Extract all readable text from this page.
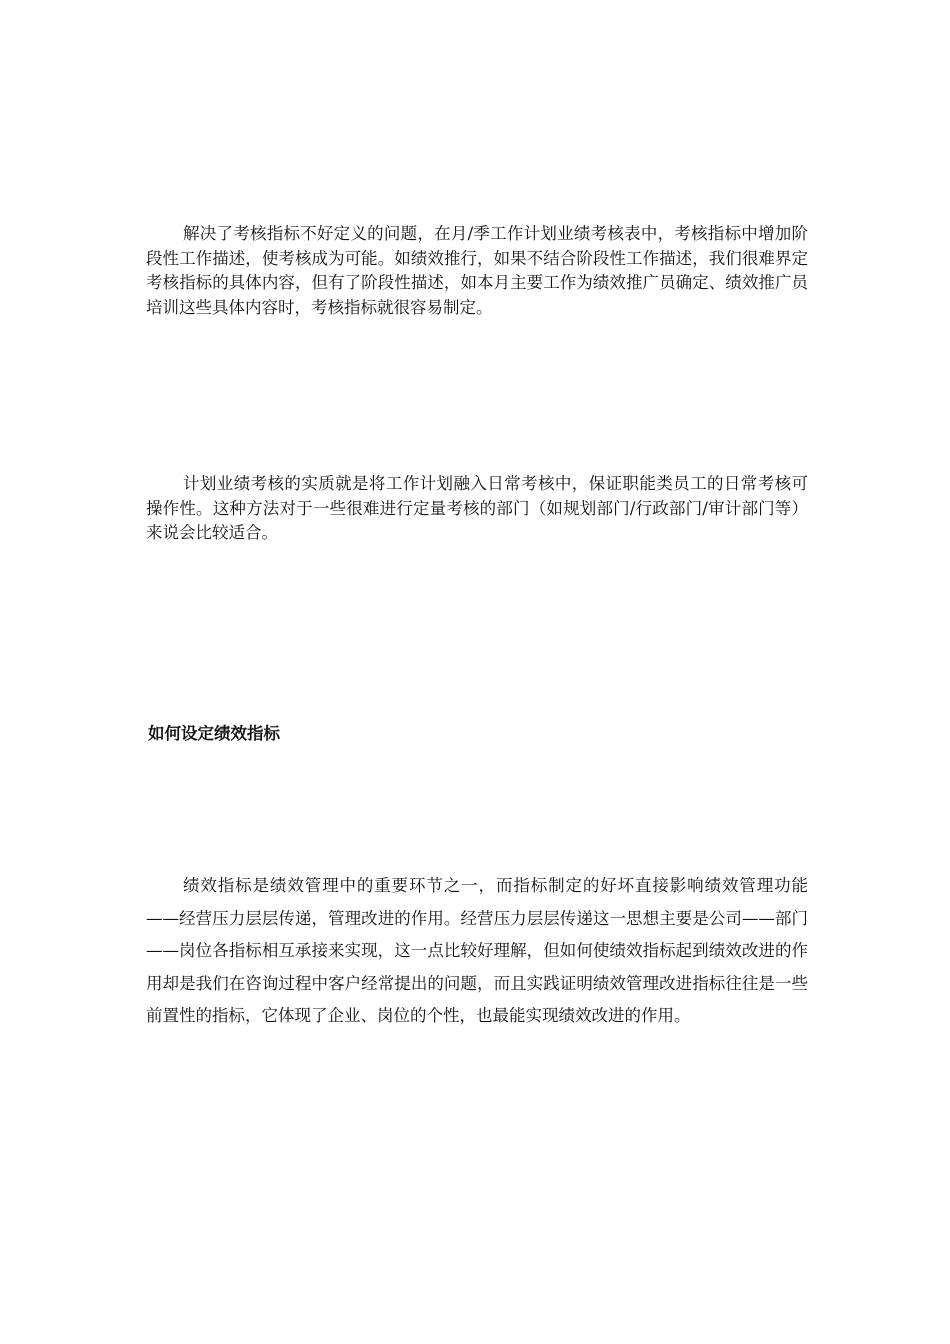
解决了考核指标不好定义的问题，在月/季工作计划业绩考核表中，考核指标中增加阶段性工作描述，使考核成为可能。如绩效推行，如果不结合阶段性工作描述，我们很难界定考核指标的具体内容，但有了阶段性描述，如本月主要工作为绩效推广员确定、绩效推广员培训这些具体内容时，考核指标就很容易制定。

计划业绩考核的实质就是将工作计划融入日常考核中，保证职能类员工的日常考核可操作性。这种方法对于一些很难进行定量考核的部门（如规划部门/行政部门/审计部门等）来说会比较适合。

如何设定绩效指标

绩效指标是绩效管理中的重要环节之一，而指标制定的好坏直接影响绩效管理功能——经营压力层层传递，管理改进的作用。经营压力层层传递这一思想主要是公司——部门——岗位各指标相互承接来实现，这一点比较好理解，但如何使绩效指标起到绩效改进的作用却是我们在咨询过程中客户经常提出的问题，而且实践证明绩效管理改进指标往往是一些前置性的指标，它体现了企业、岗位的个性，也最能实现绩效改进的作用。
